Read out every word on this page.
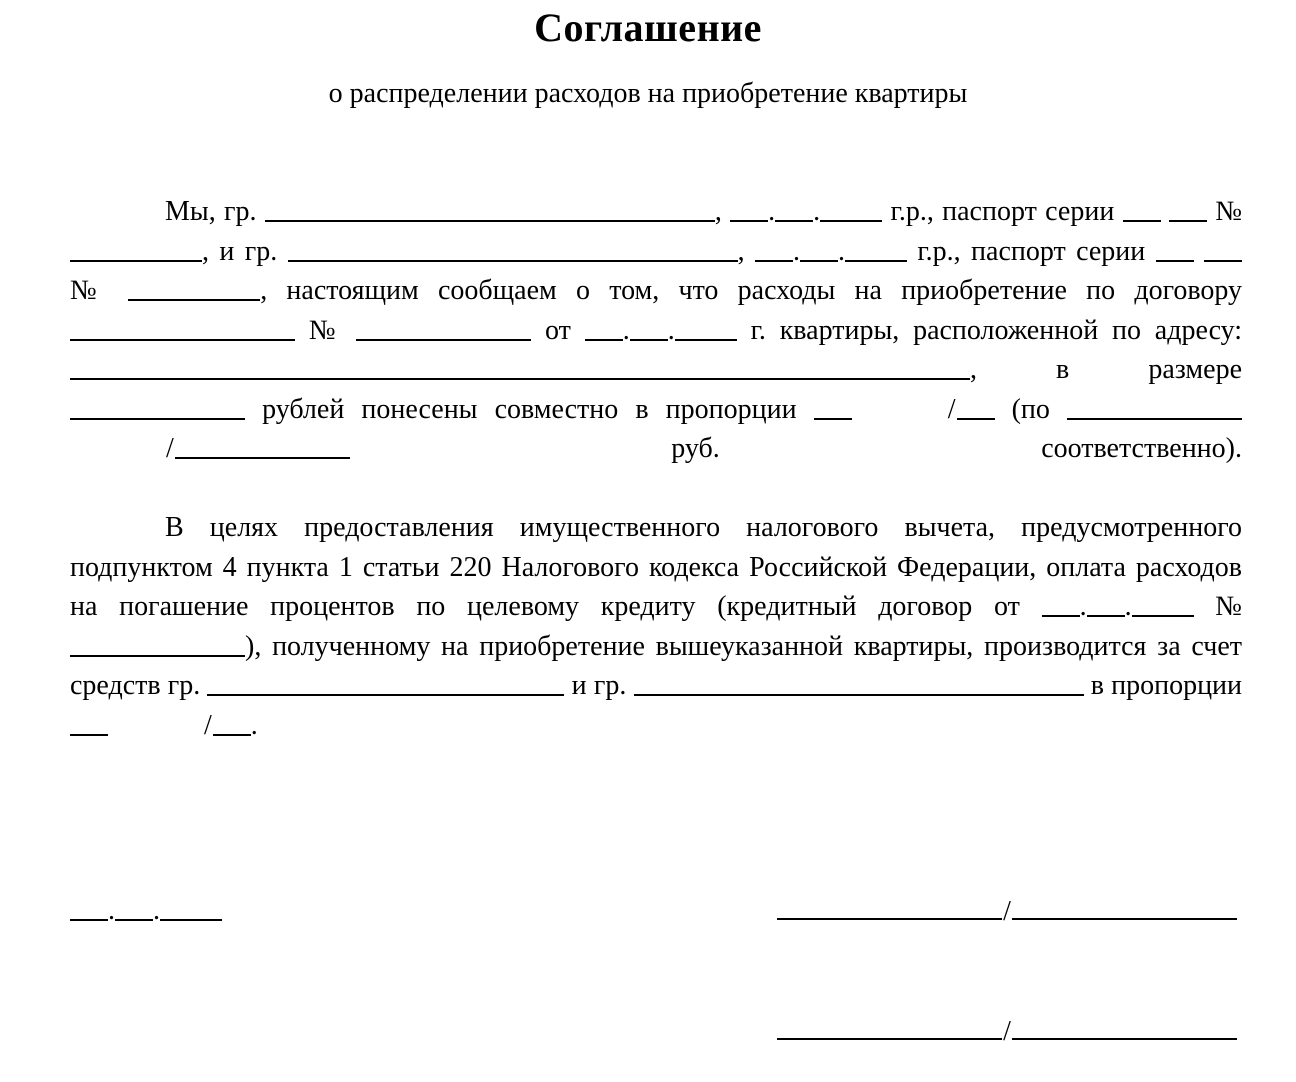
Соглашение
о распределении расходов на приобретение квартиры

Мы, гр.	, . .	г.р., паспорт серии	№ , и гр.	, . .	г.р., паспорт серии   №	, настоящим сообщаем о том, что расходы на приобретение по договору  №	от . .	г. квартиры, расположенной по адресу: , в размере  рублей понесены совместно в пропорции	/ (по /	руб. соответственно).

В целях предоставления имущественного налогового вычета, предусмотренного подпунктом 4 пункта 1 статьи 220 Налогового кодекса Российской Федерации, оплата расходов на погашение процентов по целевому кредиту (кредитный договор от . .	№ ), полученному на приобретение вышеуказанной квартиры, производится за счет средств гр.	и гр.	в пропорции / .

. .	/
/
